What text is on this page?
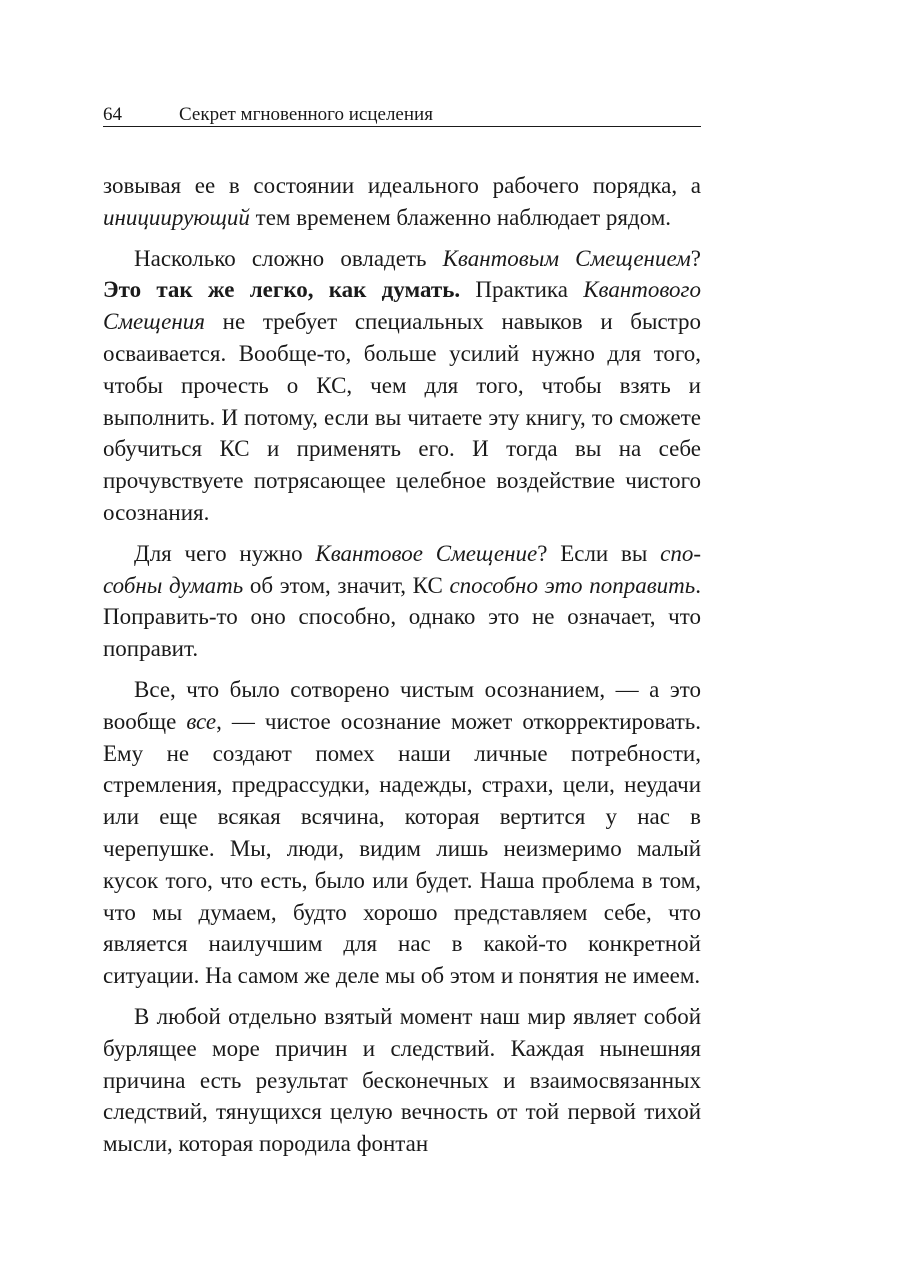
64	Секрет мгновенного исцеления

зовывая ее в состоянии идеального рабочего порядка, а инициирующий тем временем блаженно наблюдает рядом.

Насколько сложно овладеть Квантовым Смещением? Это так же легко, как думать. Практика Квантового Смещения не требует специальных навыков и быстро осваивается. Вообще-то, больше усилий нужно для того, чтобы прочесть о КС, чем для того, чтобы взять и выполнить. И потому, если вы читаете эту книгу, то сможете обучиться КС и применять его. И тогда вы на себе прочувствуете потрясающее целебное воздействие чистого осознания.

Для чего нужно Квантовое Смещение? Если вы способны думать об этом, значит, КС способно это поправить. Поправить-то оно способно, однако это не означает, что поправит.

Все, что было сотворено чистым осознанием, — а это вообще все, — чистое осознание может откорректировать. Ему не создают помех наши личные потребности, стремления, предрассудки, надежды, страхи, цели, неудачи или еще всякая всячина, которая вертится у нас в черепушке. Мы, люди, видим лишь неизмеримо малый кусок того, что есть, было или будет. Наша проблема в том, что мы думаем, будто хорошо представляем себе, что является наилучшим для нас в какой-то конкретной ситуации. На самом же деле мы об этом и понятия не имеем.

В любой отдельно взятый момент наш мир являет собой бурлящее море причин и следствий. Каждая нынешняя причина есть результат бесконечных и взаимосвязанных следствий, тянущихся целую вечность от той первой тихой мысли, которая породила фонтан
